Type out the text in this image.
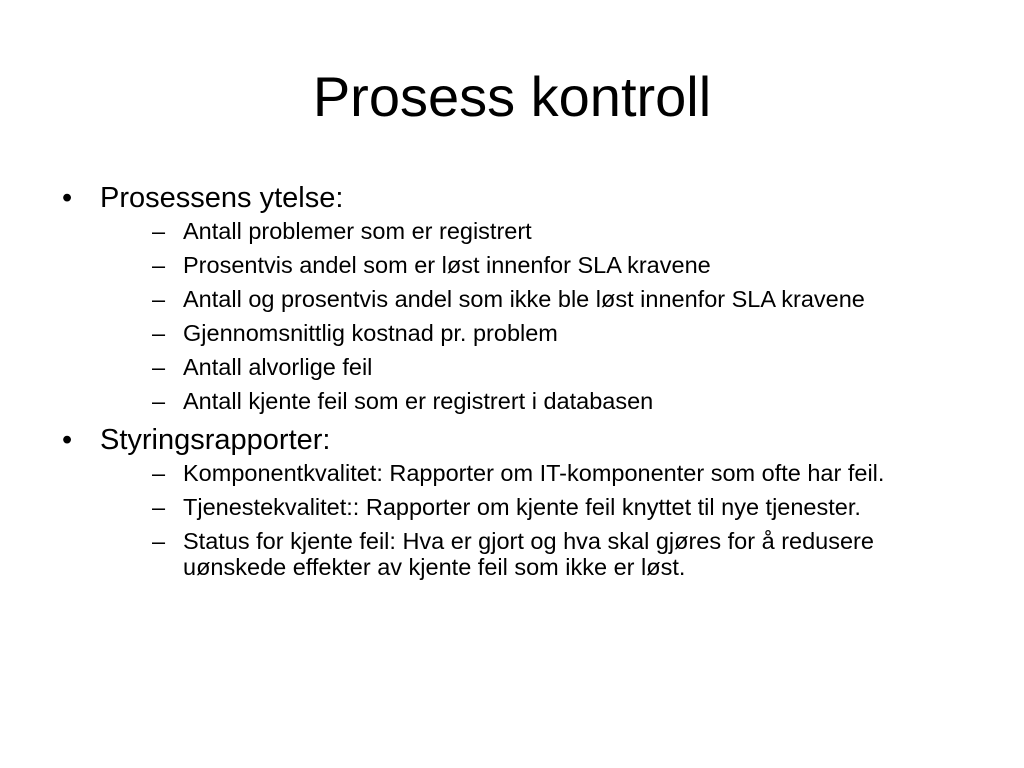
Prosess kontroll
• Prosessens ytelse:
– Antall problemer som er registrert
– Prosentvis andel som er løst innenfor SLA kravene
– Antall og prosentvis andel som ikke ble løst innenfor SLA kravene
– Gjennomsnittlig kostnad pr. problem
– Antall alvorlige feil
– Antall kjente feil som er registrert i databasen
• Styringsrapporter:
– Komponentkvalitet: Rapporter om IT-komponenter som ofte har feil.
– Tjenestekvalitet:: Rapporter om kjente feil knyttet til nye tjenester.
– Status for kjente feil: Hva er gjort og hva skal gjøres for å redusere uønskede effekter av kjente feil som ikke er løst.
